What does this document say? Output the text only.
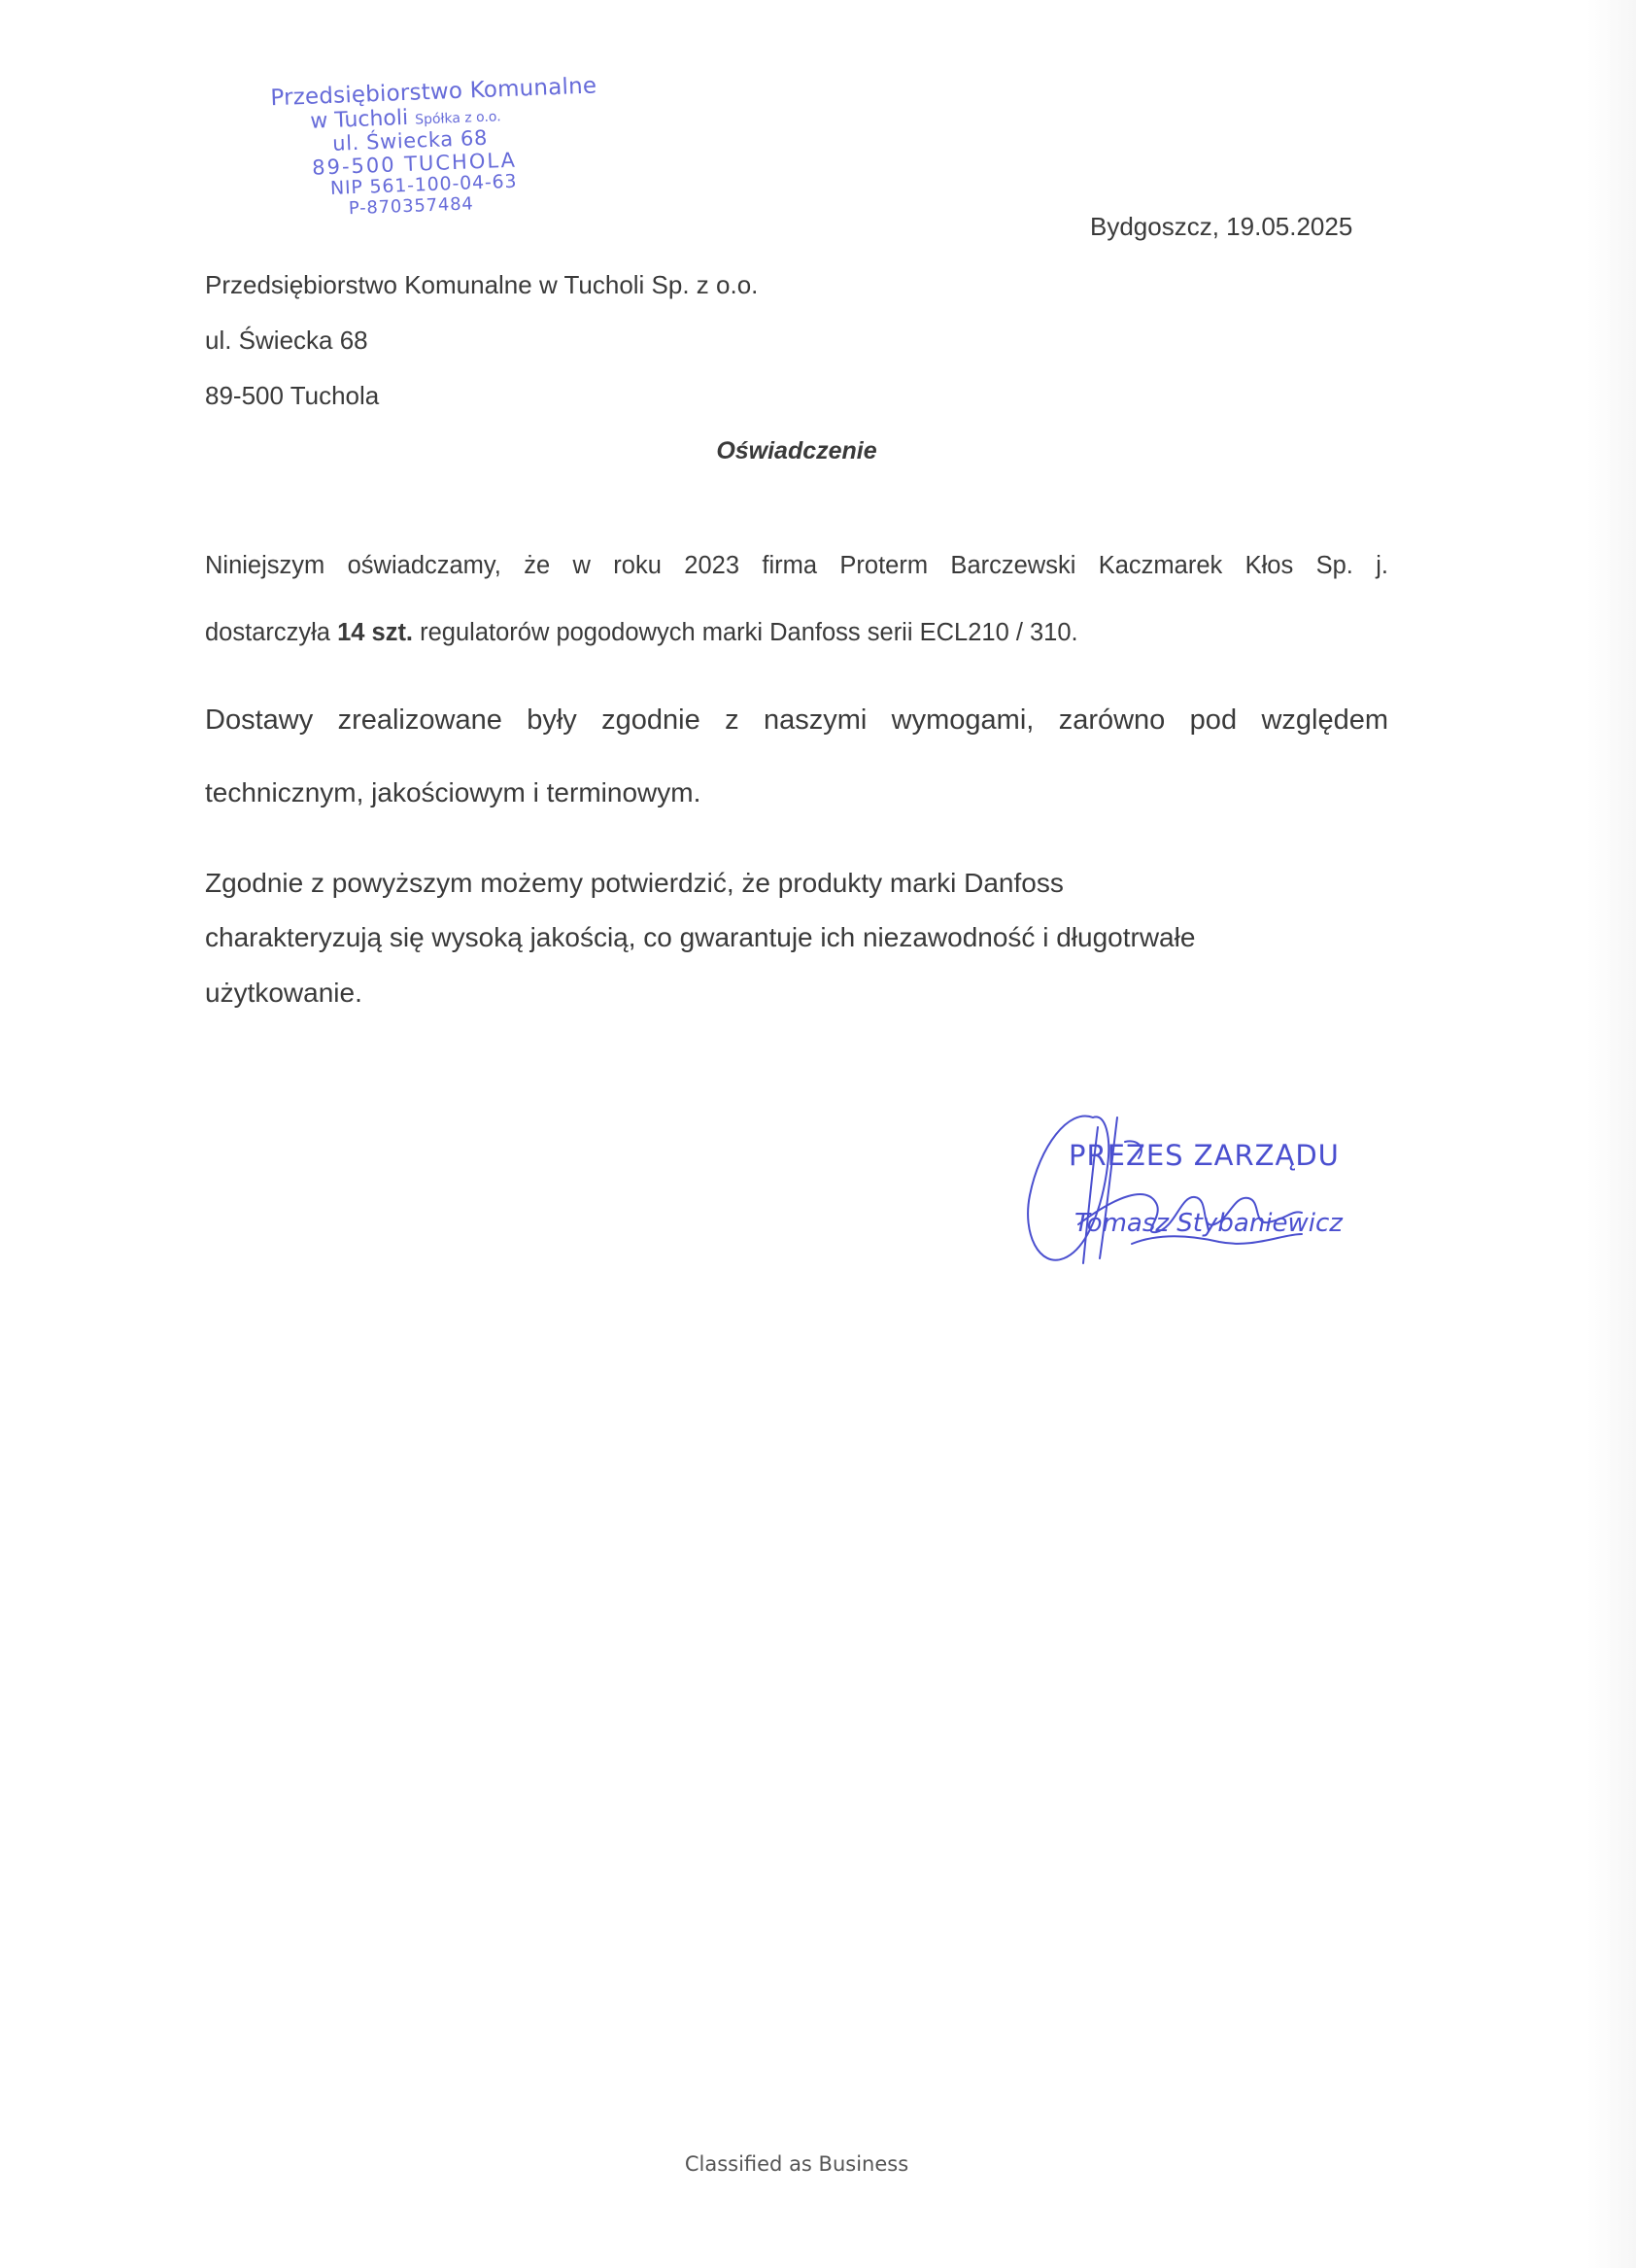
Przedsiębiorstwo Komunalne
w Tucholi Spółka z o.o.
ul. Świecka 68
89-500 TUCHOLA
NIP 561-100-04-63
P-870357484
Bydgoszcz, 19.05.2025
Przedsiębiorstwo Komunalne w Tucholi Sp. z o.o.
ul. Świecka 68
89-500 Tuchola
Oświadczenie
Niniejszym oświadczamy, że w roku 2023 firma Proterm Barczewski Kaczmarek Kłos Sp. j.
dostarczyła 14 szt. regulatorów pogodowych marki Danfoss serii ECL210 / 310.
Dostawy zrealizowane były zgodnie z naszymi wymogami, zarówno pod względem
technicznym, jakościowym i terminowym.
Zgodnie z powyższym możemy potwierdzić, że produkty marki Danfoss
charakteryzują się wysoką jakością, co gwarantuje ich niezawodność i długotrwałe
użytkowanie.
PREZES ZARZĄDU
Tomasz Stybaniewicz
Classified as Business
